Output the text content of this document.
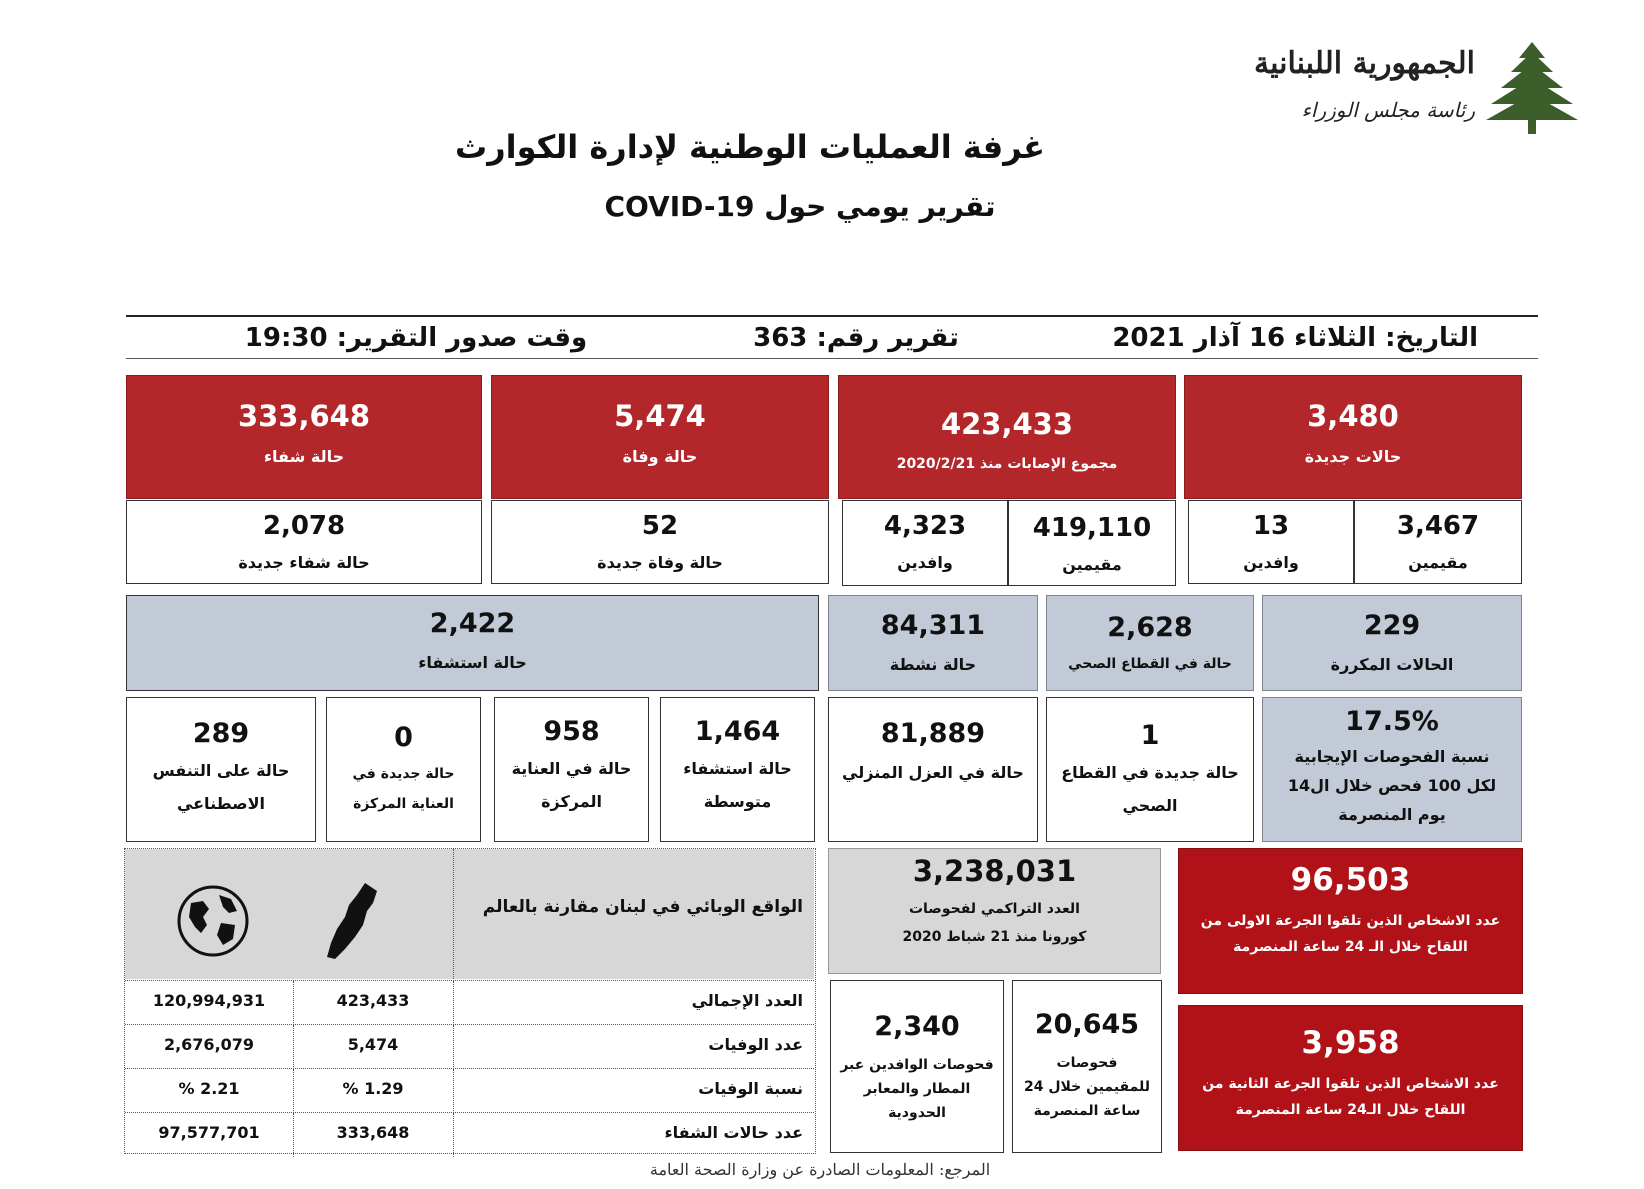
الجمهورية اللبنانية
رئاسة مجلس الوزراء
غرفة العمليات الوطنية لإدارة الكوارث
تقرير يومي حول COVID-19
التاريخ: الثلاثاء 16 آذار 2021
تقرير رقم: 363
وقت صدور التقرير: 19:30
3,480
حالات جديدة
423,433
مجموع الإصابات منذ 2020/2/21
5,474
حالة وفاة
333,648
حالة شفاء
3,467
مقيمين
13
وافدين
419,110
مقيمين
4,323
وافدين
52
حالة وفاة جديدة
2,078
حالة شفاء جديدة
229
الحالات المكررة
2,628
حالة في القطاع الصحي
84,311
حالة نشطة
2,422
حالة استشفاء
17.5%
نسبة الفحوصات الإيجابية
لكل 100 فحص خلال ال14
يوم المنصرمة
1
حالة جديدة في القطاع
الصحي
81,889
حالة في العزل المنزلي
1,464
حالة استشفاء
متوسطة
958
حالة في العناية
المركزة
0
حالة جديدة في
العناية المركزة
289
حالة على التنفس
الاصطناعي
96,503
عدد الاشخاص الذين تلقوا الجرعة الاولى من
اللقاح خلال الـ 24 ساعة المنصرمة
3,958
عدد الاشخاص الذين تلقوا الجرعة الثانية من
اللقاح خلال الـ24 ساعة المنصرمة
3,238,031
العدد التراكمي لفحوصات
كورونا منذ 21 شباط 2020
20,645
فحوصات
للمقيمين خلال 24
ساعة المنصرمة
2,340
فحوصات الوافدين عبر
المطار والمعابر
الحدودية
الواقع الوبائي في لبنان مقارنة بالعالم
العدد الإجمالي
423,433
120,994,931
عدد الوفيات
5,474
2,676,079
نسبة الوفيات
1.29 %
2.21 %
عدد حالات الشفاء
333,648
97,577,701
المرجع: المعلومات الصادرة عن وزارة الصحة العامة
